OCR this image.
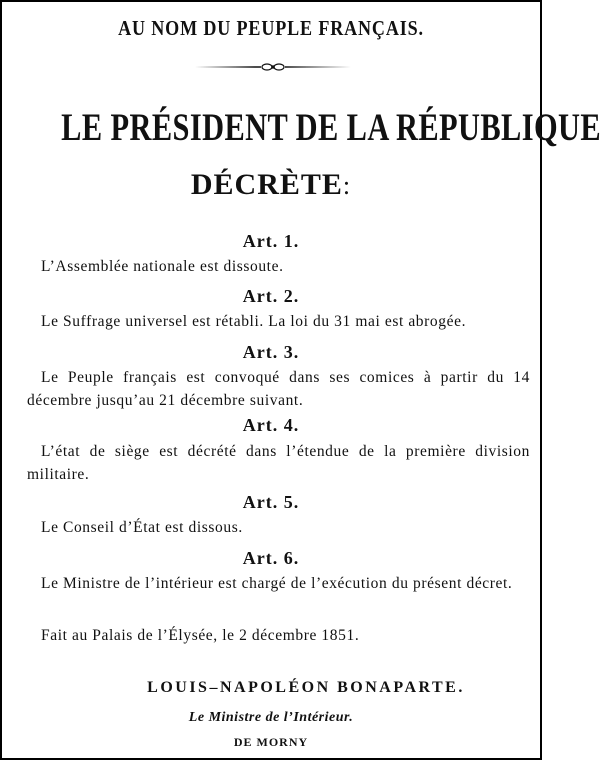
AU NOM DU PEUPLE FRANÇAIS.
LE PRÉSIDENT DE LA RÉPUBLIQUE
DÉCRÈTE:
Art. 1.
L’Assemblée nationale est dissoute.
Art. 2.
Le Suffrage universel est rétabli. La loi du 31 mai est abrogée.
Art. 3.
Le Peuple français est convoqué dans ses comices à partir du 14 décembre jusqu’au 21 décembre suivant.
Art. 4.
L’état de siège est décrété dans l’étendue de la première division militaire.
Art. 5.
Le Conseil d’État est dissous.
Art. 6.
Le Ministre de l’intérieur est chargé de l’exécution du présent décret.
Fait au Palais de l’Élysée, le 2 décembre 1851.
LOUIS–NAPOLÉON BONAPARTE.
Le Ministre de l’Intérieur.
DE MORNY
